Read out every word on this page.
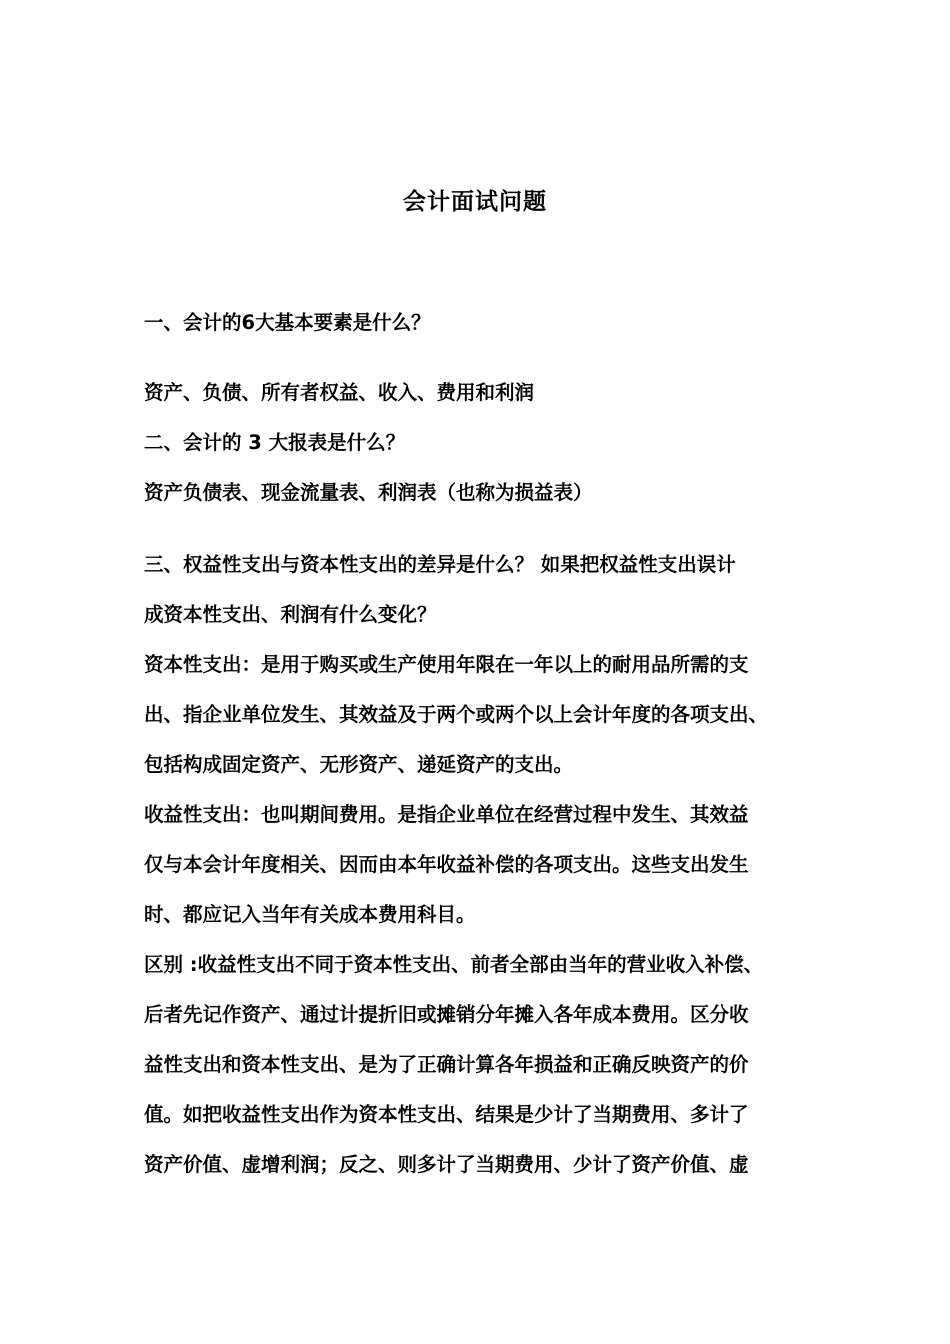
会计面试问题
一、会计的6大基本要素是什么？
资产、负债、所有者权益、收入、费用和利润
二、会计的 3 大报表是什么？
资产负债表、现金流量表、利润表（也称为损益表）
三、权益性支出与资本性支出的差异是什么？ 如果把权益性支出误计
成资本性支出、利润有什么变化？
资本性支出：是用于购买或生产使用年限在一年以上的耐用品所需的支
出、指企业单位发生、其效益及于两个或两个以上会计年度的各项支出、
包括构成固定资产、无形资产、递延资产的支出。
收益性支出：也叫期间费用。是指企业单位在经营过程中发生、其效益
仅与本会计年度相关、因而由本年收益补偿的各项支出。这些支出发生
时、都应记入当年有关成本费用科目。
区别 :收益性支出不同于资本性支出、前者全部由当年的营业收入补偿、
后者先记作资产、通过计提折旧或摊销分年摊入各年成本费用。区分收
益性支出和资本性支出、是为了正确计算各年损益和正确反映资产的价
值。如把收益性支出作为资本性支出、结果是少计了当期费用、多计了
资产价值、虚增利润；反之、则多计了当期费用、少计了资产价值、虚
